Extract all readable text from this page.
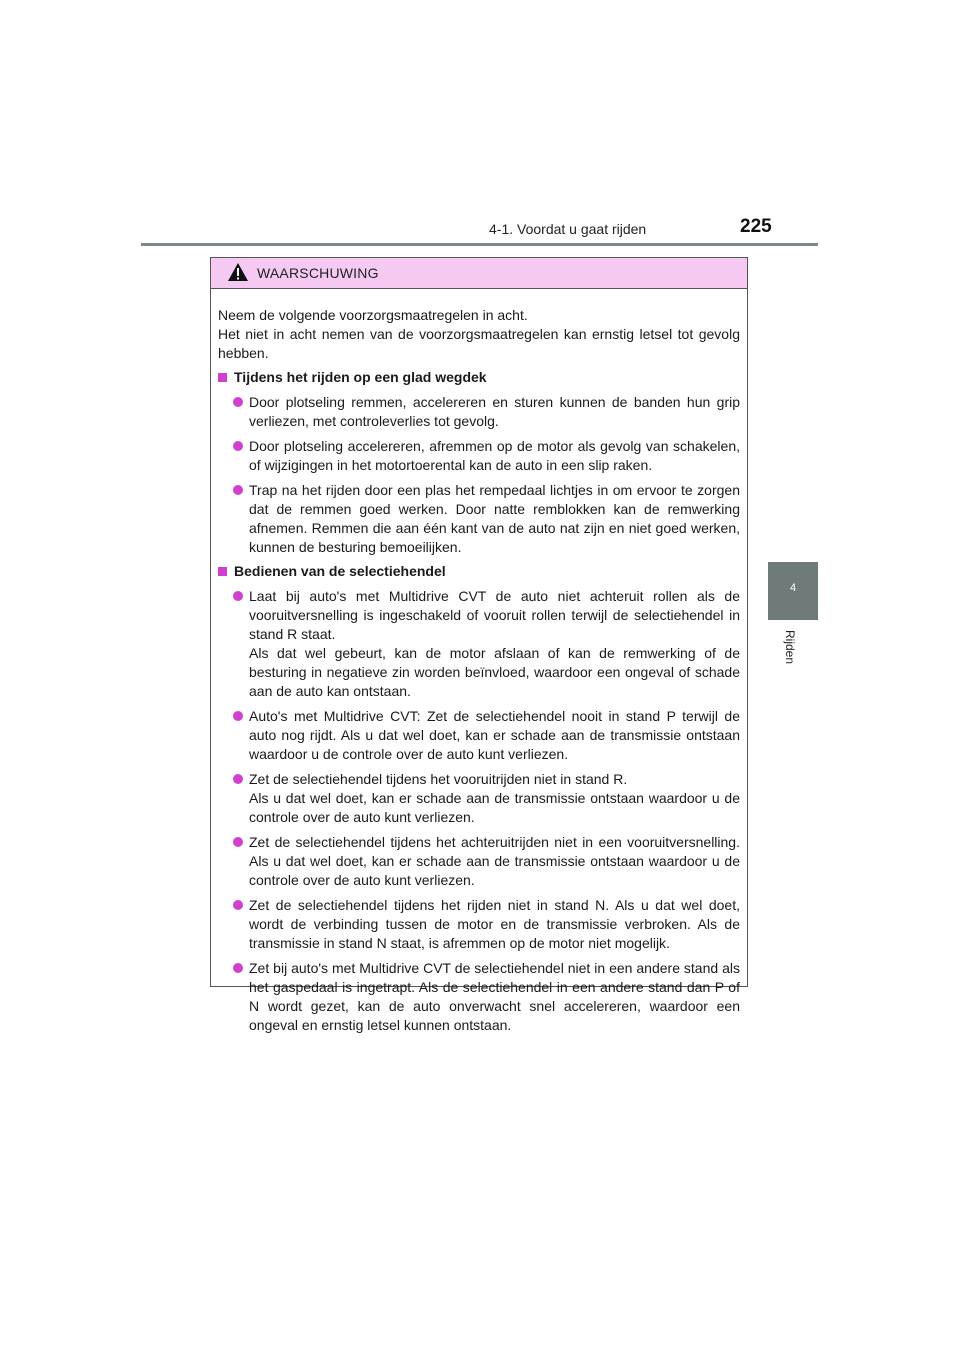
4-1. Voordat u gaat rijden	225
4
Rijden
WAARSCHUWING

Neem de volgende voorzorgsmaatregelen in acht.

Het niet in acht nemen van de voorzorgsmaatregelen kan ernstig letsel tot gevolg hebben.

Tijdens het rijden op een glad wegdek
Door plotseling remmen, accelereren en sturen kunnen de banden hun grip verliezen, met controleverlies tot gevolg.
Door plotseling accelereren, afremmen op de motor als gevolg van schakelen, of wijzigingen in het motortoerental kan de auto in een slip raken.
Trap na het rijden door een plas het rempedaal lichtjes in om ervoor te zorgen dat de remmen goed werken. Door natte remblokken kan de remwerking afnemen. Remmen die aan één kant van de auto nat zijn en niet goed werken, kunnen de besturing bemoeilijken.
Bedienen van de selectiehendel
Laat bij auto's met Multidrive CVT de auto niet achteruit rollen als de vooruitversnelling is ingeschakeld of vooruit rollen terwijl de selectiehendel in stand R staat.
Als dat wel gebeurt, kan de motor afslaan of kan de remwerking of de besturing in negatieve zin worden beïnvloed, waardoor een ongeval of schade aan de auto kan ontstaan.
Auto's met Multidrive CVT: Zet de selectiehendel nooit in stand P terwijl de auto nog rijdt. Als u dat wel doet, kan er schade aan de transmissie ontstaan waardoor u de controle over de auto kunt verliezen.
Zet de selectiehendel tijdens het vooruitrijden niet in stand R.
Als u dat wel doet, kan er schade aan de transmissie ontstaan waardoor u de controle over de auto kunt verliezen.
Zet de selectiehendel tijdens het achteruitrijden niet in een vooruitversnelling. Als u dat wel doet, kan er schade aan de transmissie ontstaan waardoor u de controle over de auto kunt verliezen.
Zet de selectiehendel tijdens het rijden niet in stand N. Als u dat wel doet, wordt de verbinding tussen de motor en de transmissie verbroken. Als de transmissie in stand N staat, is afremmen op de motor niet mogelijk.
Zet bij auto's met Multidrive CVT de selectiehendel niet in een andere stand als het gaspedaal is ingetrapt. Als de selectiehendel in een andere stand dan P of N wordt gezet, kan de auto onverwacht snel accelereren, waardoor een ongeval en ernstig letsel kunnen ontstaan.
